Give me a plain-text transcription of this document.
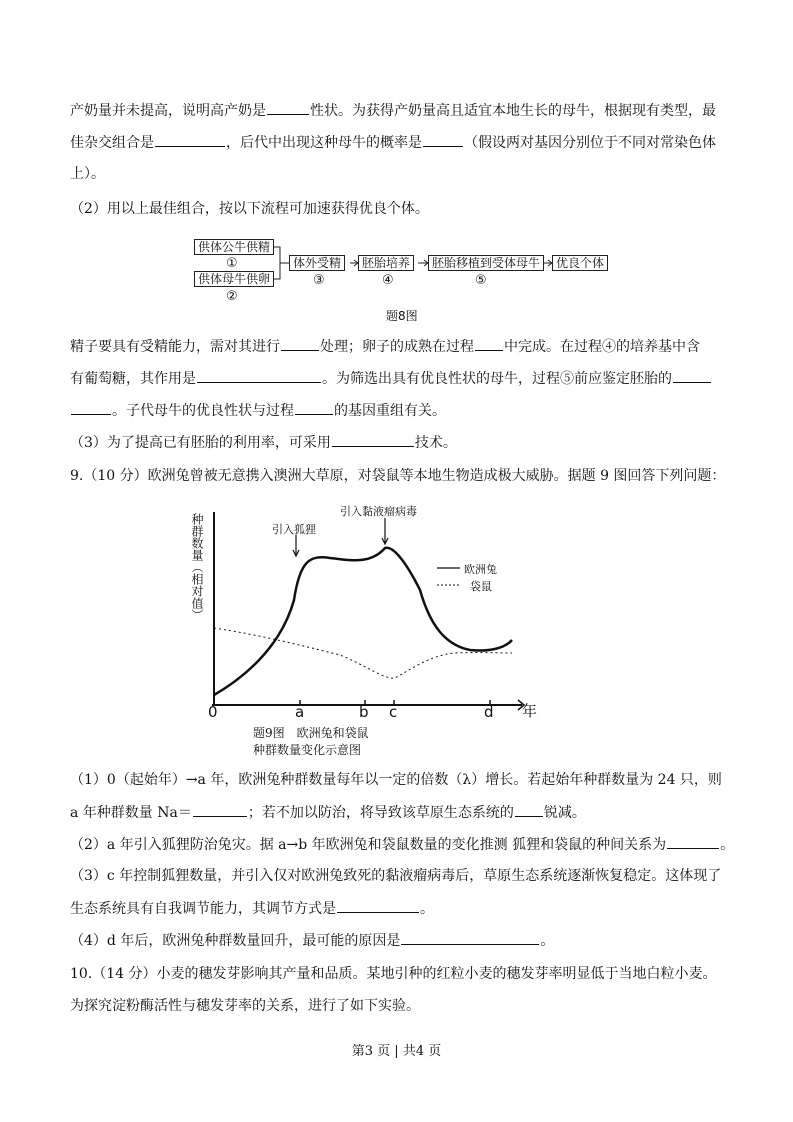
产奶量并未提高，说明高产奶是	性状。为获得产奶量高且适宜本地生长的母牛，根据现有类型，最
佳杂交组合是	，后代中出现这种母牛的概率是	（假设两对基因分别位于不同对常染色体
上）。
（2）用以上最佳组合，按以下流程可加速获得优良个体。
供体公牛供精
①
供体母牛供卵
②
体外受精
③
胚胎培养
④
胚胎移植到受体母牛
⑤
优良个体
题8图
精子要具有受精能力，需对其进行	处理；卵子的成熟在过程 中完成。在过程④的培养基中含
有葡萄糖，其作用是	。为筛选出具有优良性状的母牛，过程⑤前应鉴定胚胎的
。子代母牛的优良性状与过程	的基因重组有关。
（3）为了提高已有胚胎的利用率，可采用	技术。
9.（10 分）欧洲兔曾被无意携入澳洲大草原，对袋鼠等本地生物造成极大威胁。据题 9 图回答下列问题：
种群数量（相对值）
年
0	a	b c	d
引入狐狸
引入黏液瘤病毒
欧洲兔
袋鼠
题9图　欧洲兔和袋鼠
种群数量变化示意图
（1）0（起始年）→a 年，欧洲兔种群数量每年以一定的倍数（λ）增长。若起始年种群数量为 24 只，则
a 年种群数量 Na＝	；若不加以防治，将导致该草原生态系统的 锐减。
（2）a 年引入狐狸防治兔灾。据 a→b 年欧洲兔和袋鼠数量的变化推测 狐狸和袋鼠的种间关系为	。
（3）c 年控制狐狸数量，并引入仅对欧洲兔致死的黏液瘤病毒后，草原生态系统逐渐恢复稳定。这体现了
生态系统具有自我调节能力，其调节方式是	。
（4）d 年后，欧洲兔种群数量回升，最可能的原因是	。
10.（14 分）小麦的穗发芽影响其产量和品质。某地引种的红粒小麦的穗发芽率明显低于当地白粒小麦。
为探究淀粉酶活性与穗发芽率的关系，进行了如下实验。
第3 页 | 共4 页
